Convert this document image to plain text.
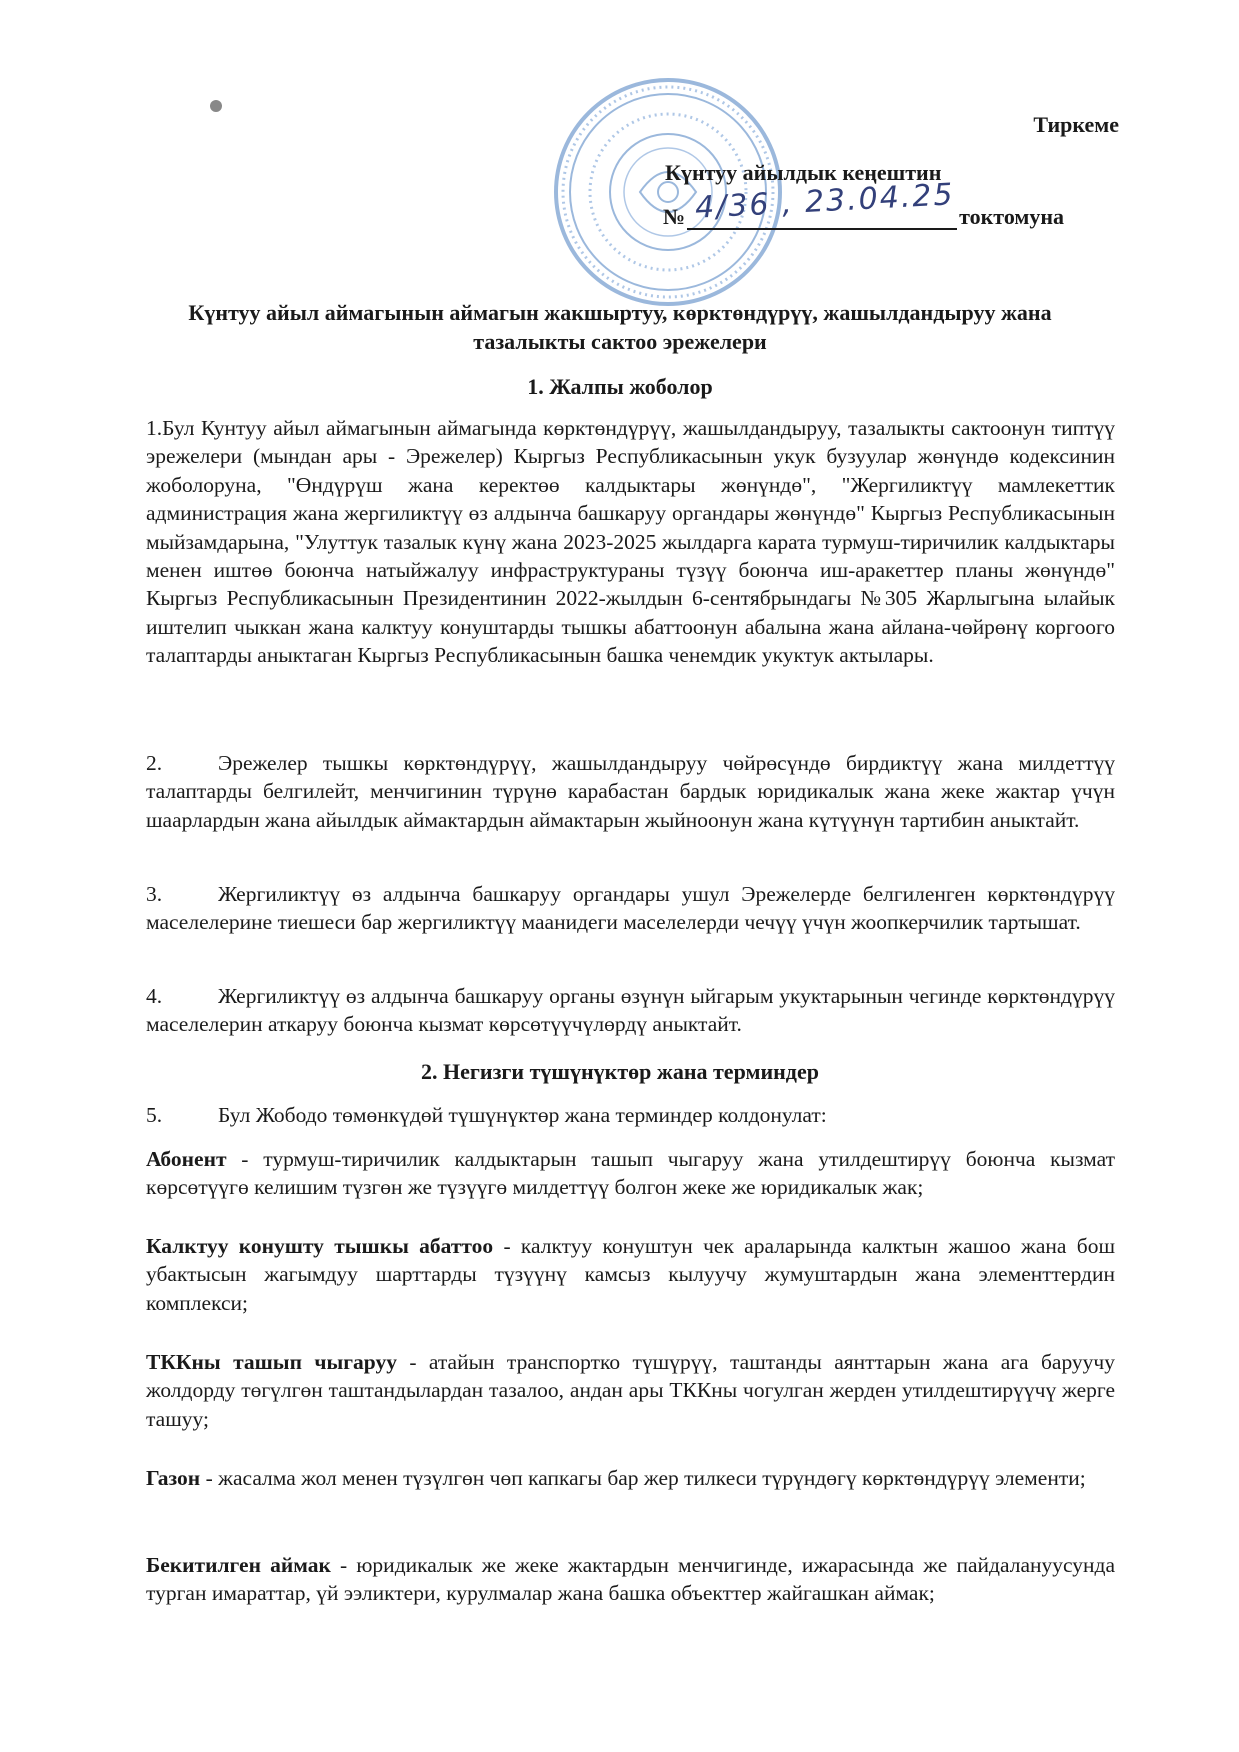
Тиркеме
Күнтуу айылдык кеңештин
№ 4/36 , 23.04.25 токтомуна
Күнтуу айыл аймагынын аймагын жакшыртуу, көрктөндүрүү, жашылдандыруу жана тазалыкты сактоо эрежелери
1. Жалпы жоболор
1.Бул Кунтуу айыл аймагынын аймагында көрктөндүрүү, жашылдандыруу, тазалыкты сактоонун типтүү эрежелери (мындан ары - Эрежелер) Кыргыз Республикасынын укук бузуулар жөнүндө кодексинин жоболоруна, "Өндүрүш жана керектөө калдыктары жөнүндө", "Жергиликтүү мамлекеттик администрация жана жергиликтүү өз алдынча башкаруу органдары жөнүндө" Кыргыз Республикасынын мыйзамдарына, "Улуттук тазалык күнү жана 2023-2025 жылдарга карата турмуш-тиричилик калдыктары менен иштөө боюнча натыйжалуу инфраструктураны түзүү боюнча иш-аракеттер планы жөнүндө" Кыргыз Республикасынын Президентинин 2022-жылдын 6-сентябрындагы №305 Жарлыгына ылайык иштелип чыккан жана калктуу конуштарды тышкы абаттоонун абалына жана айлана-чөйрөнү коргоого талаптарды аныктаган Кыргыз Республикасынын башка ченемдик укуктук актылары.
2.	Эрежелер тышкы көрктөндүрүү, жашылдандыруу чөйрөсүндө бирдиктүү жана милдеттүү талаптарды белгилейт, менчигинин түрүнө карабастан бардык юридикалык жана жеке жактар үчүн шаарлардын жана айылдык аймактардын аймактарын жыйноонун жана күтүүнүн тартибин аныктайт.
3.	Жергиликтүү өз алдынча башкаруу органдары ушул Эрежелерде белгиленген көрктөндүрүү маселелерине тиешеси бар жергиликтүү маанидеги маселелерди чечүү үчүн жоопкерчилик тартышат.
4.	Жергиликтүү өз алдынча башкаруу органы өзүнүн ыйгарым укуктарынын чегинде көрктөндүрүү маселелерин аткаруу боюнча кызмат көрсөтүүчүлөрдү аныктайт.
2. Негизги түшүнүктөр жана терминдер
5.	Бул Жободо төмөнкүдөй түшүнүктөр жана терминдер колдонулат:
Абонент - турмуш-тиричилик калдыктарын ташып чыгаруу жана утилдештирүү боюнча кызмат көрсөтүүгө келишим түзгөн же түзүүгө милдеттүү болгон жеке же юридикалык жак;
Калктуу конушту тышкы абаттоо - калктуу конуштун чек араларында калктын жашоо жана бош убактысын жагымдуу шарттарды түзүүнү камсыз кылуучу жумуштардын жана элементтердин комплекси;
ТККны ташып чыгаруу - атайын транспортко түшүрүү, таштанды аянттарын жана ага баруучу жолдорду төгүлгөн таштандылардан тазалоо, андан ары ТККны чогулган жерден утилдештирүүчү жерге ташуу;
Газон - жасалма жол менен түзүлгөн чөп капкагы бар жер тилкеси түрүндөгү көрктөндүрүү элементи;
Бекитилген аймак - юридикалык же жеке жактардын менчигинде, ижарасында же пайдалануусунда турган имараттар, үй ээликтери, курулмалар жана башка объекттер жайгашкан аймак;
